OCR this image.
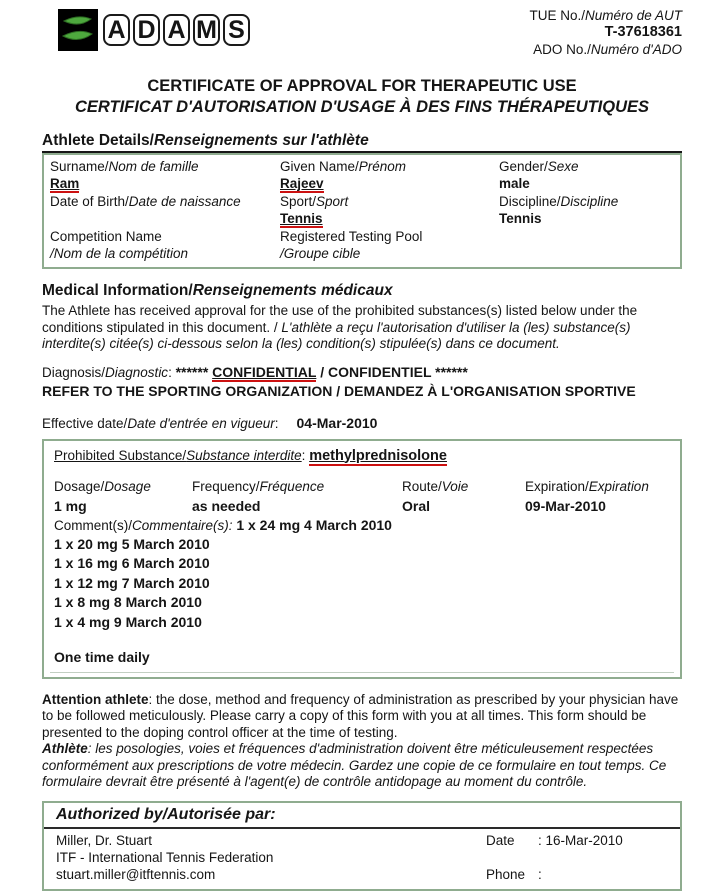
A D A M S
TUE No./Numéro de AUT
T-37618361
ADO No./Numéro d'ADO
CERTIFICATE OF APPROVAL FOR THERAPEUTIC USE
CERTIFICAT D'AUTORISATION D'USAGE À DES FINS THÉRAPEUTIQUES
Athlete Details/Renseignements sur l'athlète
Surname/Nom de famille
Ram
Given Name/Prénom
Rajeev
Gender/Sexe
male
Date of Birth/Date de naissance	Sport/Sport
Tennis
Discipline/Discipline
Tennis
Competition Name
/Nom de la compétition
Registered Testing Pool
/Groupe cible
Medical Information/Renseignements médicaux
The Athlete has received approval for the use of the prohibited substances(s) listed below under the conditions stipulated in this document. / L'athlète a reçu l'autorisation d'utiliser la (les) substance(s) interdite(s) citée(s) ci-dessous selon la (les) condition(s) stipulée(s) dans ce document.
Diagnosis/Diagnostic: ****** CONFIDENTIAL / CONFIDENTIEL ******
REFER TO THE SPORTING ORGANIZATION / DEMANDEZ À L'ORGANISATION SPORTIVE
Effective date/Date d'entrée en vigueur: 04-Mar-2010
Prohibited Substance/Substance interdite: methylprednisolone
Dosage/Dosage
1 mg
Frequency/Fréquence
as needed
Route/Voie
Oral
Expiration/Expiration
09-Mar-2010
Comment(s)/Commentaire(s): 1 x 24 mg 4 March 2010
1 x 20 mg 5 March 2010
1 x 16 mg 6 March 2010
1 x 12 mg 7 March 2010
1 x 8 mg 8 March 2010
1 x 4 mg 9 March 2010
One time daily
Attention athlete: the dose, method and frequency of administration as prescribed by your physician have to be followed meticulously. Please carry a copy of this form with you at all times. This form should be presented to the doping control officer at the time of testing.
Athlète: les posologies, voies et fréquences d'administration doivent être méticuleusement respectées conformément aux prescriptions de votre médecin. Gardez une copie de ce formulaire en tout temps. Ce formulaire devrait être présenté à l'agent(e) de contrôle antidopage au moment du contrôle.
Authorized by/Autorisée par:
Miller, Dr. Stuart
ITF - International Tennis Federation
stuart.miller@itftennis.com
Date : 16-Mar-2010
Phone :
